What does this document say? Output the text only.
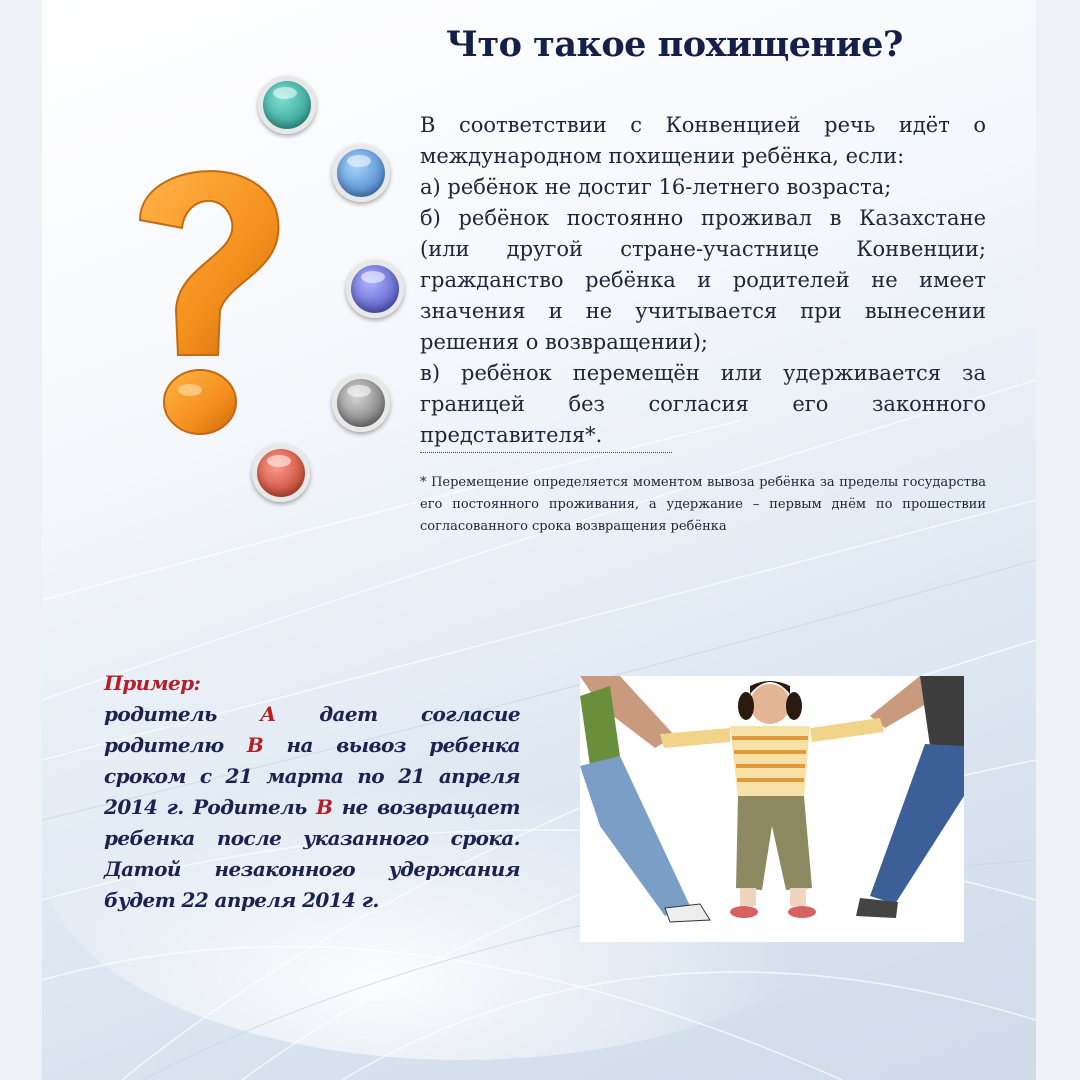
Что такое похищение?

В соответствии с Конвенцией речь идёт о международном похищении ребёнка, если:

а) ребёнок не достиг 16-летнего возраста;

б) ребёнок постоянно проживал в Казахстане (или другой стране-участнице Конвенции; гражданство ребёнка и родителей не имеет значения и не учитывается при вынесении решения о возвращении);

в) ребёнок перемещён или удерживается за границей без согласия его законного представителя*.

* Перемещение определяется моментом вывоза ребёнка за пределы государства его постоянного проживания, а удержание – первым днём по прошествии согласованного срока возвращения ребёнка
Пример:
родитель А дает согласие родителю В на вывоз ребенка сроком с 21 марта по 21 апреля 2014 г. Родитель В не возвращает ребенка после указанного срока. Датой незаконного удержания будет 22 апреля 2014 г.
